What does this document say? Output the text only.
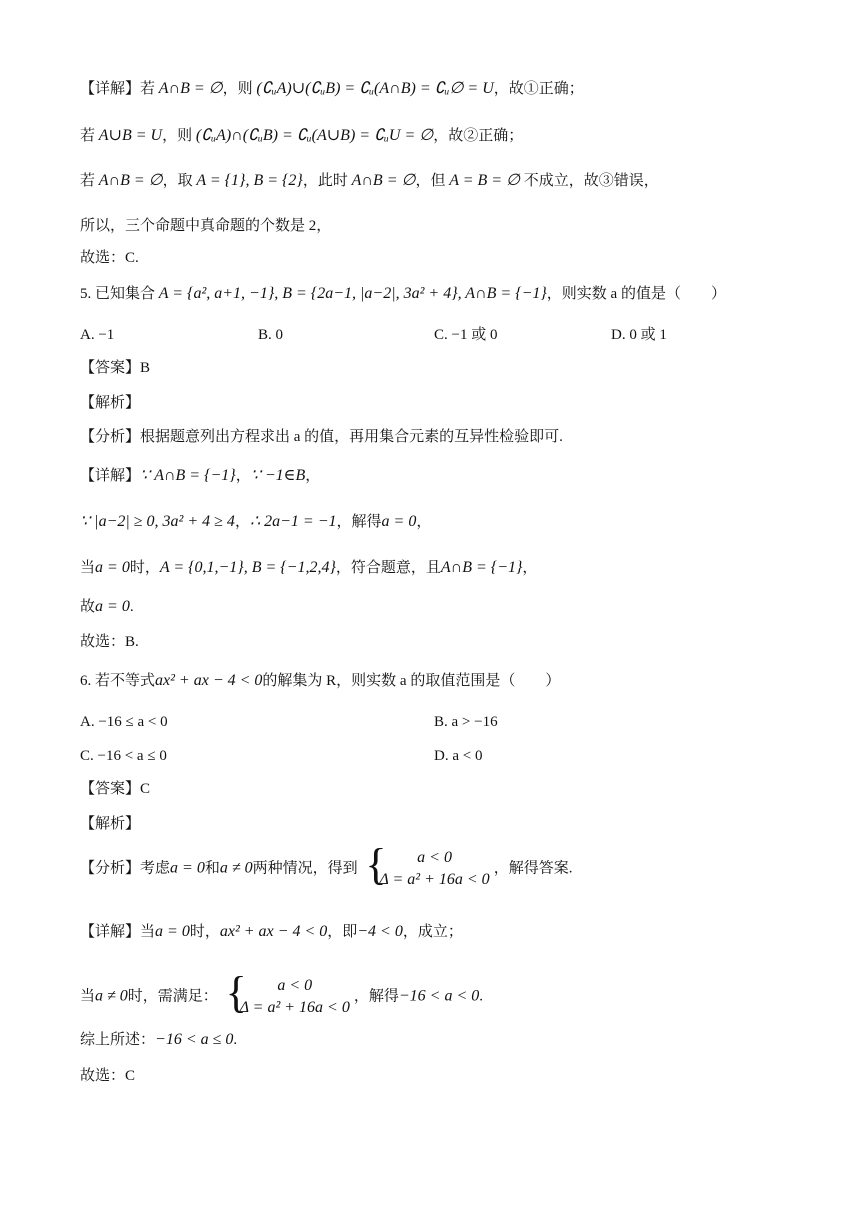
【详解】若 A∩B = ∅，则 (∁ᵤA)∪(∁ᵤB) = ∁ᵤ(A∩B) = ∁ᵤ∅ = U，故①正确；
若 A∪B = U，则 (∁ᵤA)∩(∁ᵤB) = ∁ᵤ(A∪B) = ∁ᵤU = ∅，故②正确；
若 A∩B = ∅，取 A = {1}, B = {2}，此时 A∩B = ∅，但 A = B = ∅ 不成立，故③错误，
所以，三个命题中真命题的个数是 2，
故选：C.
5. 已知集合 A = {a², a+1, −1}, B = {2a−1, |a−2|, 3a² + 4}, A∩B = {−1}，则实数 a 的值是（　　）
A. −1	B. 0	C. −1 或 0	D. 0 或 1
【答案】B
【解析】
【分析】根据题意列出方程求出 a 的值，再用集合元素的互异性检验即可.
【详解】∵ A∩B = {−1}，∵ −1∈B，
∵ |a−2| ≥ 0, 3a² + 4 ≥ 4，∴ 2a−1 = −1，解得a = 0，
当a = 0时，A = {0,1,−1}, B = {−1,2,4}，符合题意，且A∩B = {−1}，
故a = 0.
故选：B.
6. 若不等式ax² + ax − 4 < 0的解集为 R，则实数 a 的取值范围是（　　）
A. −16 ≤ a < 0	B. a > −16
C. −16 < a ≤ 0	D. a < 0
【答案】C
【解析】
【分析】考虑a = 0和a ≠ 0两种情况，得到 {	a < 0
Δ = a² + 16a < 0
，解得答案.
【详解】当a = 0时，ax² + ax − 4 < 0，即−4 < 0，成立；
当a ≠ 0时，需满足： {	a < 0
Δ = a² + 16a < 0
，解得−16 < a < 0.
综上所述：−16 < a ≤ 0.
故选：C
